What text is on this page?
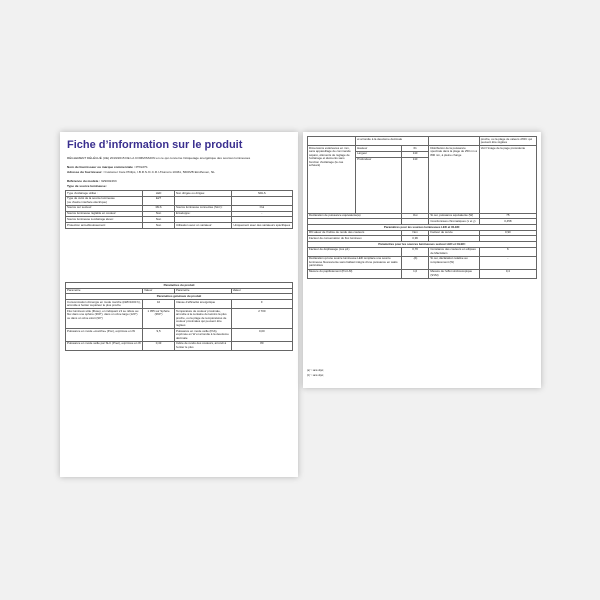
Fiche d’information sur le produit
RÈGLEMENT DÉLÉGUÉ (UE) 2019/2015 DE LA COMMISSION en ce qui concerne l'étiquetage énergétique des sources lumineuses
Nom du fournisseur ou marque commerciale : PHILIPS
Adresse du fournisseur : Customer Care Philips, I.B.R.S./C.C.R.I /Numéro 10461, 5600VB Eindhoven, NL
Référence du modèle : 929002463
Type de source lumineuse:
Type d'éclairage utilisé :	LED	Non dirigée ou dirigée:	NDLS
Type de culot de la source lumineuse
(ou d'autre interface électrique)	E27		
Source sur secteur:	MLS	Source lumineuse connectée (SLC):	Oui
Source lumineuse réglable en couleur:	Non	Enveloppe:	-
Source lumineuse à éclairage élevé:	Non		
Protection anti-éblouissement:	Non	Utilisation avec un variateur:	Uniquement avec des variateurs spécifiques
Paramètres du produit			
Paramètre	Valeur	Paramètre	Valeur
Paramètres généraux du produit			
Consommation d'énergie en mode marche (kWh/1000 h), arrondie à l'entier supérieur le plus proche	10	Classe d'efficacité énergétique	F
Flux lumineux utile (Φuse), en indiquant s'il se réfère au flux dans une sphère (360°), dans un cône large (120°) ou dans un cône étroit (90°)	1 055 sur Sphère (360°)	Température de couleur proximale, arrondie à la centaine de kelvins la plus proche, ou la plage de températures de couleur proximales qui peuvent être réglées	2 700
Puissance en mode «marche» (Pon), exprimée en W	9,5	Puissance en mode veille (Psb), exprimée en W et arrondie à la deuxième décimale	0,00
Puissance en mode veille par SLC (Pnet), exprimée en W	0,43	Indice de rendu des couleurs, arrondi à l'entier le plus	80
	et arrondie à la deuxième décimale			proche, ou la plage de valeurs d'IRC qui peuvent être réglées
Dimensions extérieures en mm, sans appareillage de commande séparé, éléments de réglage de l'éclairage et éléments sans fonction d'éclairage (le cas échéant)	Hauteur	61	Distribution de la puissance spectrale dans la plage de 250 nm à 800 nm, à pleine charge	Voir l'image de la page précédente
	Largeur	110		
	Profondeur	110		
Déclaration de puissance équivalente(a)		Oui	Si oui, puissance équivalente (W)	75
			Coordonnées chromatiques (x et y)	0,458
Paramètres pour les sources lumineuses LED et OLED:				
R9 valeur de l'indice de rendu des couleurs		Non	Facteur de survie	0,90
Facteur de conservation du flux lumineux		0,96		
Paramètres pour les sources lumineuses secteur LED et OLED:				
Facteur de déphasage (cos φ1)		0,70	Constance des couleurs en ellipses de MacAdam	6
Déclaration qu'une source lumineuse LED remplace une source lumineuse fluorescente sans ballast intégré d'une puissance en watts particulière		-(b)	Si oui, déclaration relative au remplacement (W)	-
Mesure du papillotement (Pst LM)		1,0	Mesure de l'effet stroboscopique (SVM)	0,4
(a) '-' sans objet;
(b) '-' sans objet;
